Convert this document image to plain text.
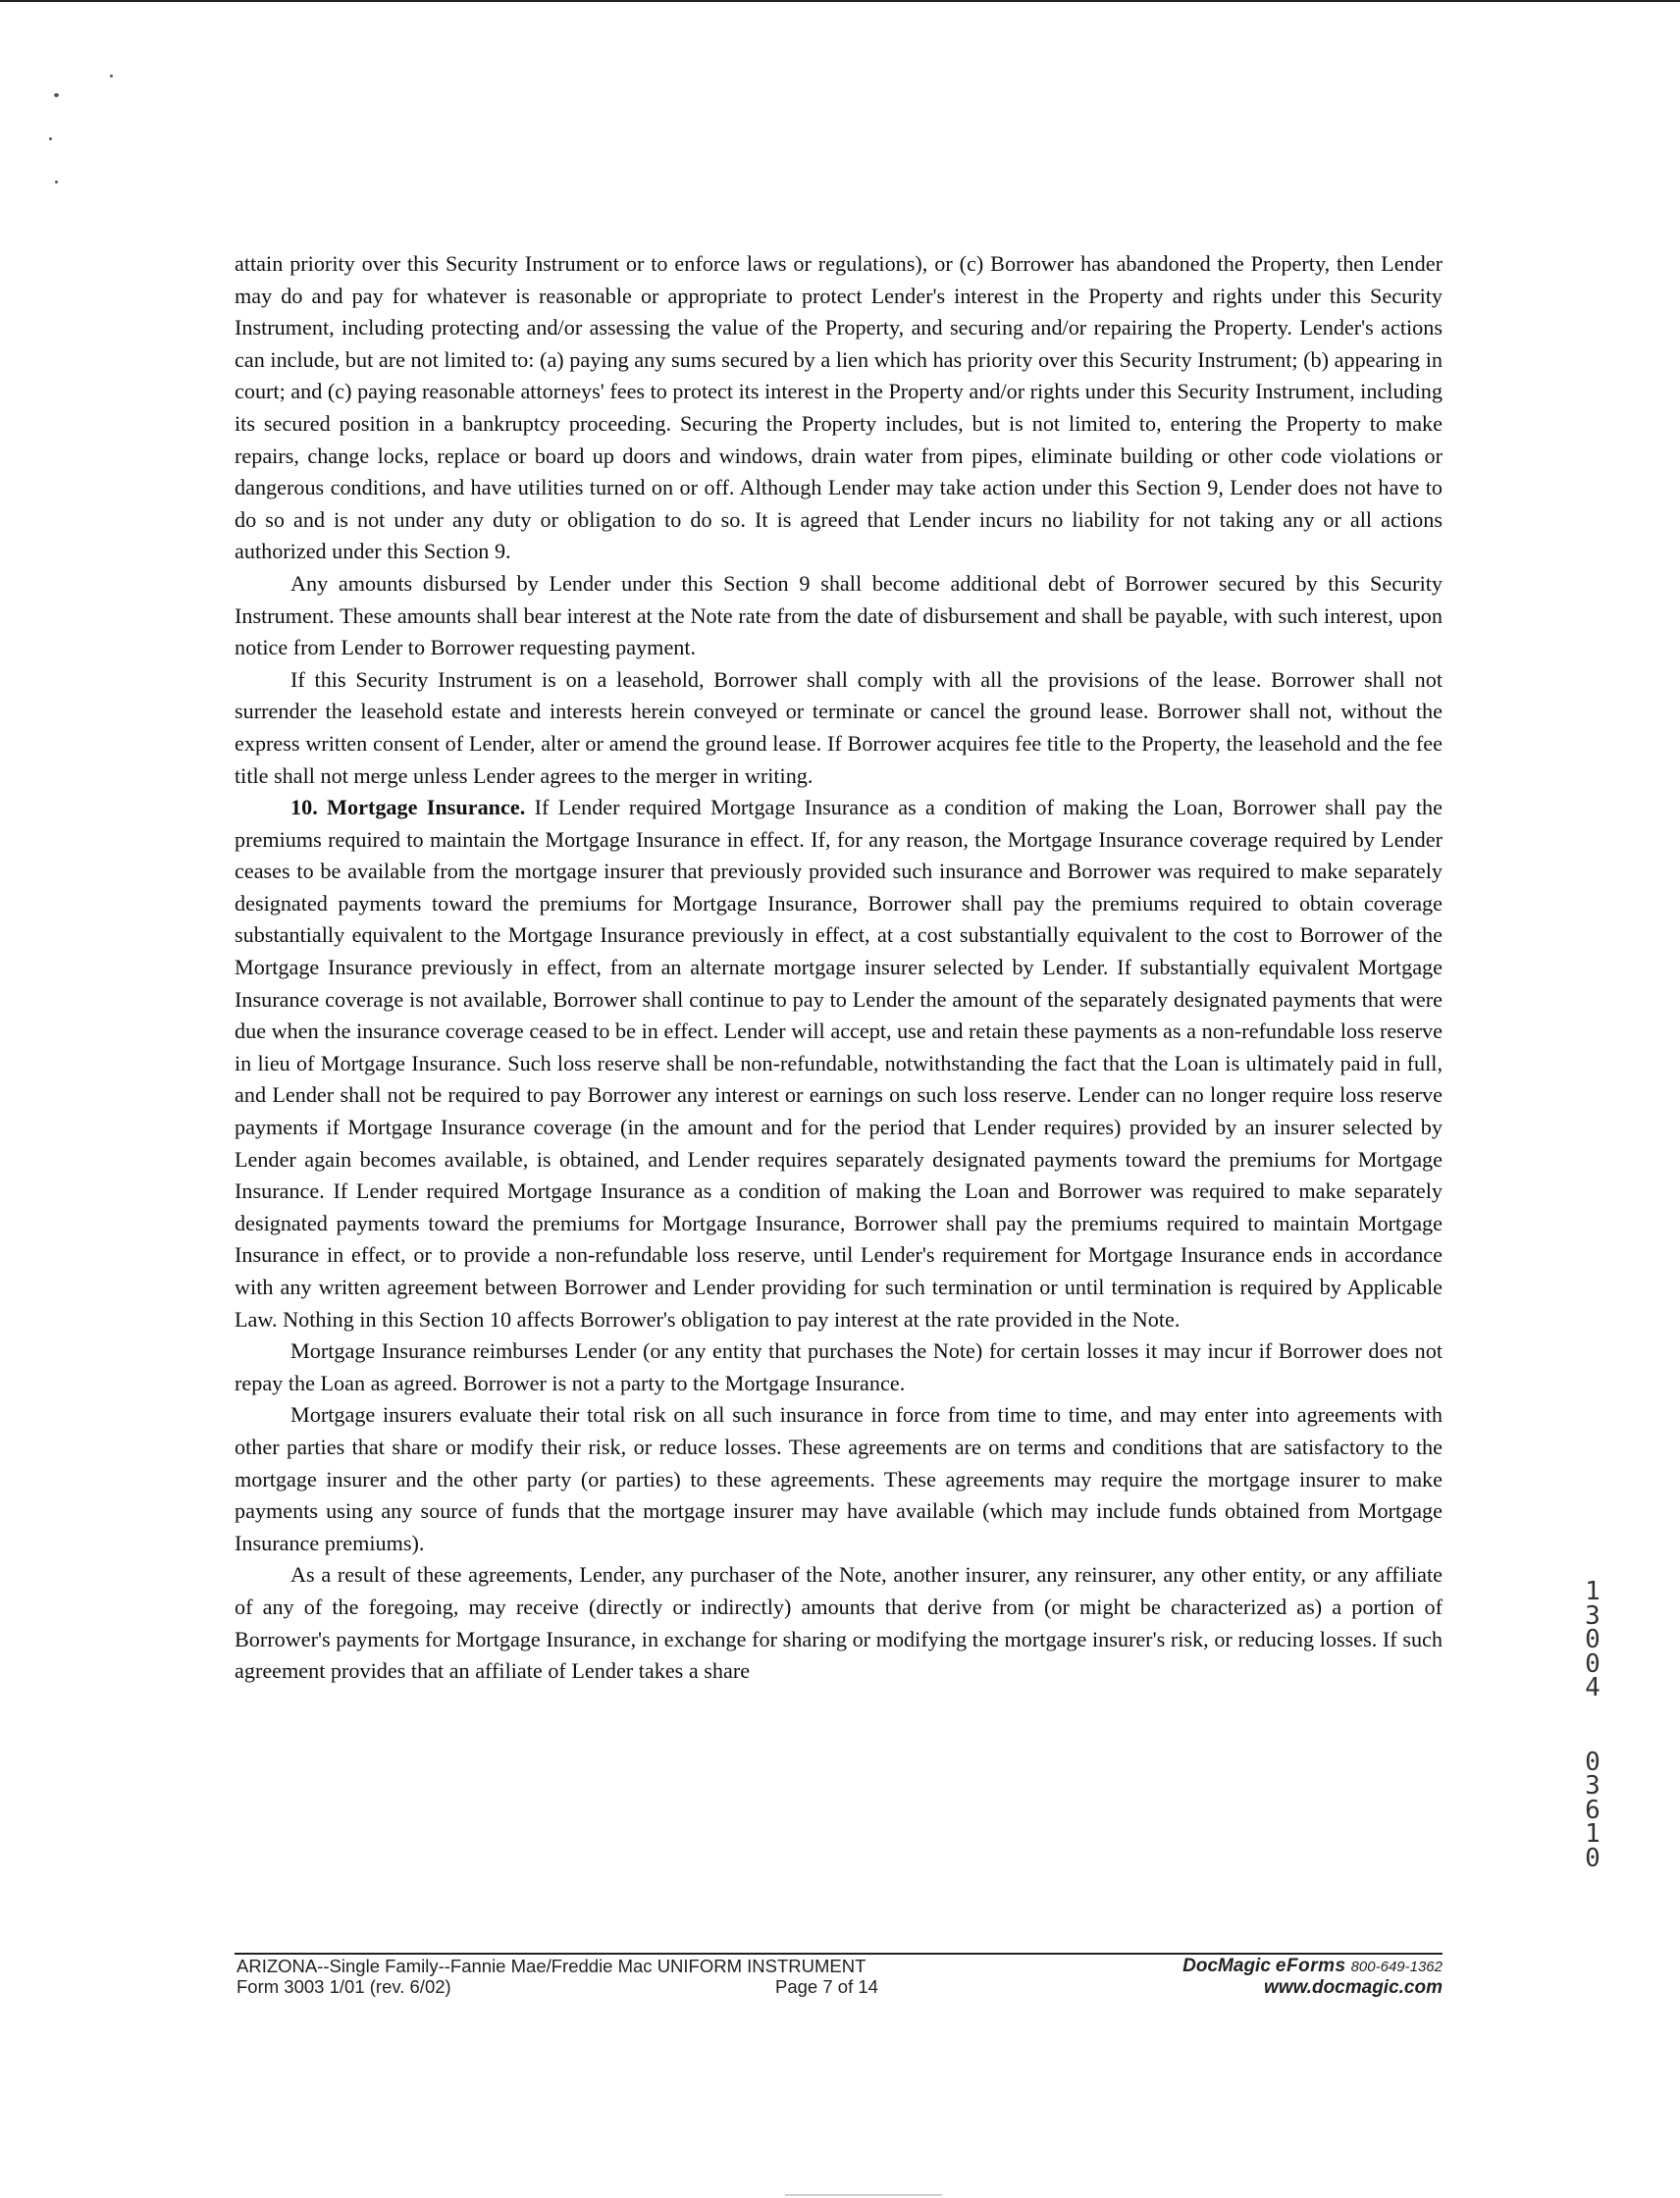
attain priority over this Security Instrument or to enforce laws or regulations), or (c) Borrower has abandoned the Property, then Lender may do and pay for whatever is reasonable or appropriate to protect Lender's interest in the Property and rights under this Security Instrument, including protecting and/or assessing the value of the Property, and securing and/or repairing the Property. Lender's actions can include, but are not limited to: (a) paying any sums secured by a lien which has priority over this Security Instrument; (b) appearing in court; and (c) paying reasonable attorneys' fees to protect its interest in the Property and/or rights under this Security Instrument, including its secured position in a bankruptcy proceeding. Securing the Property includes, but is not limited to, entering the Property to make repairs, change locks, replace or board up doors and windows, drain water from pipes, eliminate building or other code violations or dangerous conditions, and have utilities turned on or off. Although Lender may take action under this Section 9, Lender does not have to do so and is not under any duty or obligation to do so. It is agreed that Lender incurs no liability for not taking any or all actions authorized under this Section 9.

Any amounts disbursed by Lender under this Section 9 shall become additional debt of Borrower secured by this Security Instrument. These amounts shall bear interest at the Note rate from the date of disbursement and shall be payable, with such interest, upon notice from Lender to Borrower requesting payment.

If this Security Instrument is on a leasehold, Borrower shall comply with all the provisions of the lease. Borrower shall not surrender the leasehold estate and interests herein conveyed or terminate or cancel the ground lease. Borrower shall not, without the express written consent of Lender, alter or amend the ground lease. If Borrower acquires fee title to the Property, the leasehold and the fee title shall not merge unless Lender agrees to the merger in writing.

10. Mortgage Insurance. If Lender required Mortgage Insurance as a condition of making the Loan, Borrower shall pay the premiums required to maintain the Mortgage Insurance in effect. If, for any reason, the Mortgage Insurance coverage required by Lender ceases to be available from the mortgage insurer that previously provided such insurance and Borrower was required to make separately designated payments toward the premiums for Mortgage Insurance, Borrower shall pay the premiums required to obtain coverage substantially equivalent to the Mortgage Insurance previously in effect, at a cost substantially equivalent to the cost to Borrower of the Mortgage Insurance previously in effect, from an alternate mortgage insurer selected by Lender. If substantially equivalent Mortgage Insurance coverage is not available, Borrower shall continue to pay to Lender the amount of the separately designated payments that were due when the insurance coverage ceased to be in effect. Lender will accept, use and retain these payments as a non-refundable loss reserve in lieu of Mortgage Insurance. Such loss reserve shall be non-refundable, notwithstanding the fact that the Loan is ultimately paid in full, and Lender shall not be required to pay Borrower any interest or earnings on such loss reserve. Lender can no longer require loss reserve payments if Mortgage Insurance coverage (in the amount and for the period that Lender requires) provided by an insurer selected by Lender again becomes available, is obtained, and Lender requires separately designated payments toward the premiums for Mortgage Insurance. If Lender required Mortgage Insurance as a condition of making the Loan and Borrower was required to make separately designated payments toward the premiums for Mortgage Insurance, Borrower shall pay the premiums required to maintain Mortgage Insurance in effect, or to provide a non-refundable loss reserve, until Lender's requirement for Mortgage Insurance ends in accordance with any written agreement between Borrower and Lender providing for such termination or until termination is required by Applicable Law. Nothing in this Section 10 affects Borrower's obligation to pay interest at the rate provided in the Note.

Mortgage Insurance reimburses Lender (or any entity that purchases the Note) for certain losses it may incur if Borrower does not repay the Loan as agreed. Borrower is not a party to the Mortgage Insurance.

Mortgage insurers evaluate their total risk on all such insurance in force from time to time, and may enter into agreements with other parties that share or modify their risk, or reduce losses. These agreements are on terms and conditions that are satisfactory to the mortgage insurer and the other party (or parties) to these agreements. These agreements may require the mortgage insurer to make payments using any source of funds that the mortgage insurer may have available (which may include funds obtained from Mortgage Insurance premiums).

As a result of these agreements, Lender, any purchaser of the Note, another insurer, any reinsurer, any other entity, or any affiliate of any of the foregoing, may receive (directly or indirectly) amounts that derive from (or might be characterized as) a portion of Borrower's payments for Mortgage Insurance, in exchange for sharing or modifying the mortgage insurer's risk, or reducing losses. If such agreement provides that an affiliate of Lender takes a share

1
3
0
0
4
0
3
6
1
0
ARIZONA--Single Family--Fannie Mae/Freddie Mac UNIFORM INSTRUMENT
Form 3003 1/01 (rev. 6/02)	Page 7 of 14
DocMagic eForms 800-649-1362
www.docmagic.com
